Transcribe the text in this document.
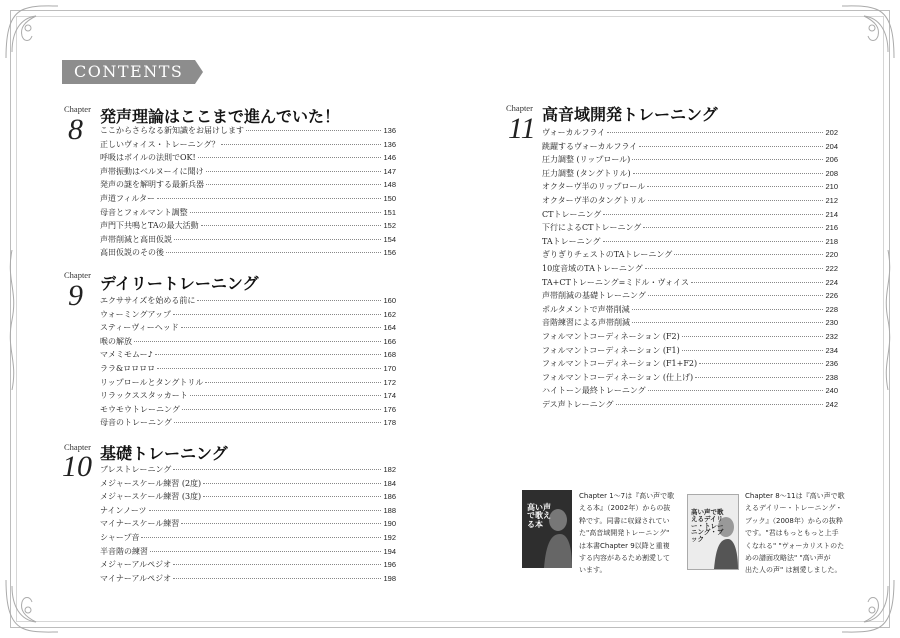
CONTENTS
Chapter
8 発声理論はここまで進んでいた！
ここからさらなる新知識をお届けします	136
正しいヴォイス・トレーニング？	136
呼吸はボイルの法則でOK!	146
声帯振動はベルヌーイに聞け	147
発声の謎を解明する最新兵器	148
声道フィルター	150
母音とフォルマント調整	151
声門下共鳴とTAの最大活動	152
声帯削減と高田仮説	154
高田仮説のその後	156
Chapter
9 デイリートレーニング
エクササイズを始める前に	160
ウォーミングアップ	162
スティーヴィーヘッド	164
喉の解放	166
マメミモムー♪	168
ララ&ロロロロ	170
リップロールとタングトリル	172
リラックススタッカート	174
モウモウトレーニング	176
母音のトレーニング	178
Chapter
10 基礎トレーニング
ブレストレーニング	182
メジャースケール練習 (2度)	184
メジャースケール練習 (3度)	186
ナインノーツ	188
マイナースケール練習	190
シャープ音	192
半音階の練習	194
メジャーアルペジオ	196
マイナーアルペジオ	198
Chapter
11 高音域開発トレーニング
ヴォーカルフライ	202
跳躍するヴォーカルフライ	204
圧力調整 (リップロール)	206
圧力調整 (タングトリル)	208
オクターヴ半のリップロール	210
オクターヴ半のタングトリル	212
CTトレーニング	214
下行によるCTトレーニング	216
TAトレーニング	218
ぎりぎりチェストのTAトレーニング	220
10度音域のTAトレーニング	222
TA+CTトレーニング=ミドル・ヴォイス	224
声帯削減の基礎トレーニング	226
ポルタメントで声帯削減	228
音階練習による声帯削減	230
フォルマントコーディネーション (F2)	232
フォルマントコーディネーション (F1)	234
フォルマントコーディネーション (F1+F2)	236
フォルマントコーディネーション (仕上げ)	238
ハイトーン最終トレーニング	240
デス声トレーニング	242
高い声で歌える本
Chapter 1～7は『高い声で歌
える本』（2002年）からの抜
粋です。同書に収録されてい
た"高音域開発トレーニング"
は本書Chapter 9以降と重複
する内容があるため割愛して
います。
高い声で歌えるデイリー・トレーニング・ブック
Chapter 8～11は『高い声で歌
えるデイリー・トレーニング・
ブック』（2008年）からの抜粋
です。"君はもっともっと上手
くなれる" "ヴォーカリストのた
めの譜面攻略法" "高い声が
出た人の声" は割愛しました。
